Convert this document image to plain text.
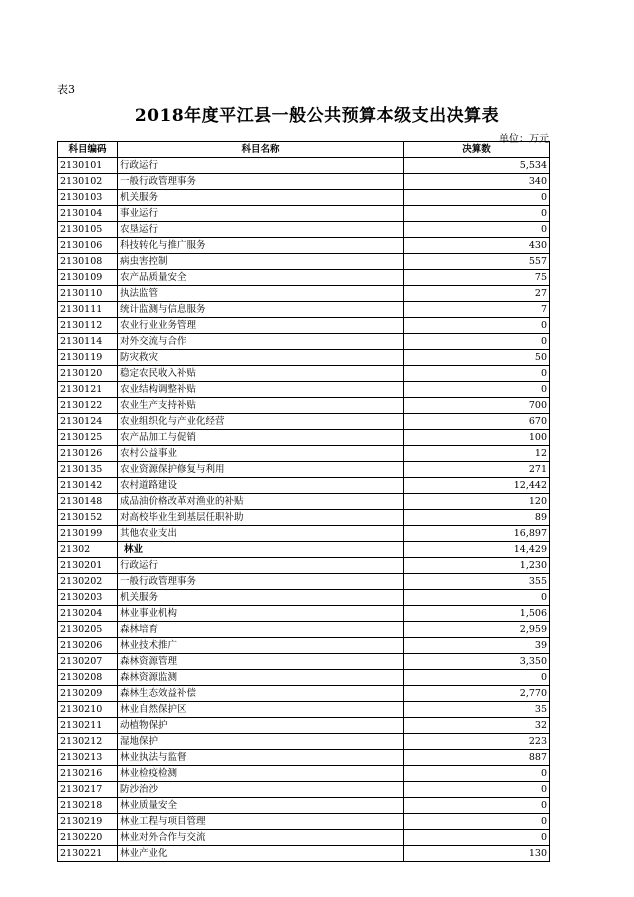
表3
2018年度平江县一般公共预算本级支出决算表
单位：万元
科目编码	科目名称	决算数
2130101	行政运行	5,534
2130102	一般行政管理事务	340
2130103	机关服务	0
2130104	事业运行	0
2130105	农垦运行	0
2130106	科技转化与推广服务	430
2130108	病虫害控制	557
2130109	农产品质量安全	75
2130110	执法监管	27
2130111	统计监测与信息服务	7
2130112	农业行业业务管理	0
2130114	对外交流与合作	0
2130119	防灾救灾	50
2130120	稳定农民收入补贴	0
2130121	农业结构调整补贴	0
2130122	农业生产支持补贴	700
2130124	农业组织化与产业化经营	670
2130125	农产品加工与促销	100
2130126	农村公益事业	12
2130135	农业资源保护修复与利用	271
2130142	农村道路建设	12,442
2130148	成品油价格改革对渔业的补贴	120
2130152	对高校毕业生到基层任职补助	89
2130199	其他农业支出	16,897
21302	林业	14,429
2130201	行政运行	1,230
2130202	一般行政管理事务	355
2130203	机关服务	0
2130204	林业事业机构	1,506
2130205	森林培育	2,959
2130206	林业技术推广	39
2130207	森林资源管理	3,350
2130208	森林资源监测	0
2130209	森林生态效益补偿	2,770
2130210	林业自然保护区	35
2130211	动植物保护	32
2130212	湿地保护	223
2130213	林业执法与监督	887
2130216	林业检疫检测	0
2130217	防沙治沙	0
2130218	林业质量安全	0
2130219	林业工程与项目管理	0
2130220	林业对外合作与交流	0
2130221	林业产业化	130
